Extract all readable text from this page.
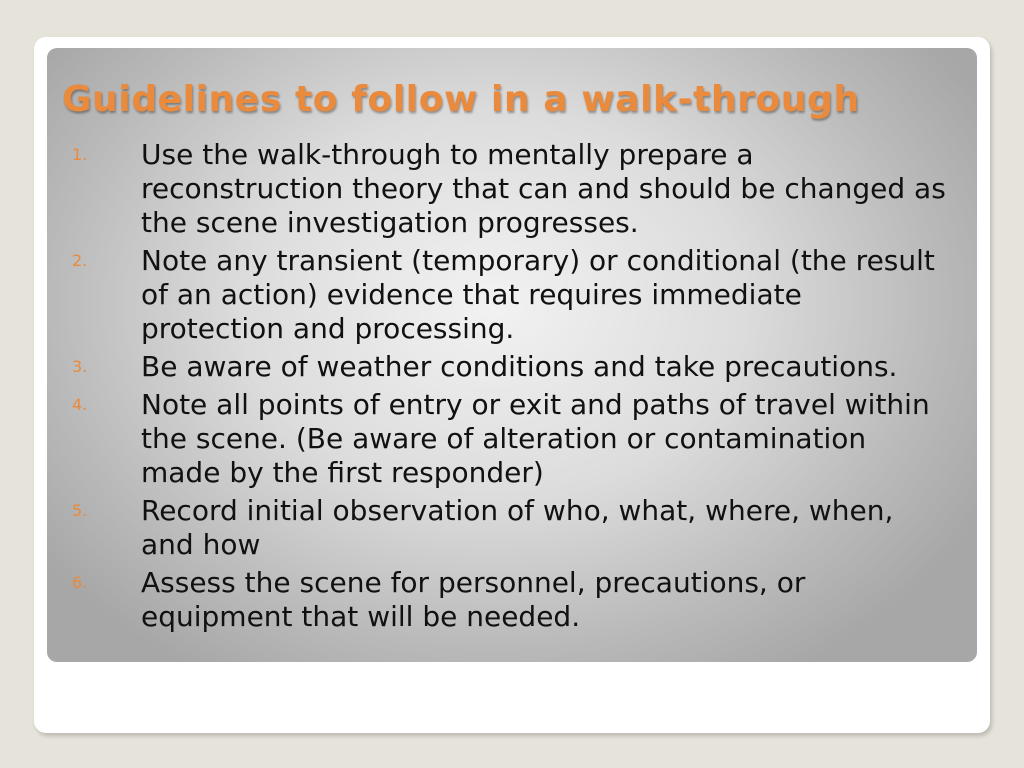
Guidelines to follow in a walk-through
1. Use the walk-through to mentally prepare a reconstruction theory that can and should be changed as the scene investigation progresses.
2. Note any transient (temporary) or conditional (the result of an action) evidence that requires immediate protection and processing.
3. Be aware of weather conditions and take precautions.
4. Note all points of entry or exit and paths of travel within the scene. (Be aware of alteration or contamination made by the first responder)
5. Record initial observation of who, what, where, when, and how
6. Assess the scene for personnel, precautions, or equipment that will be needed.
